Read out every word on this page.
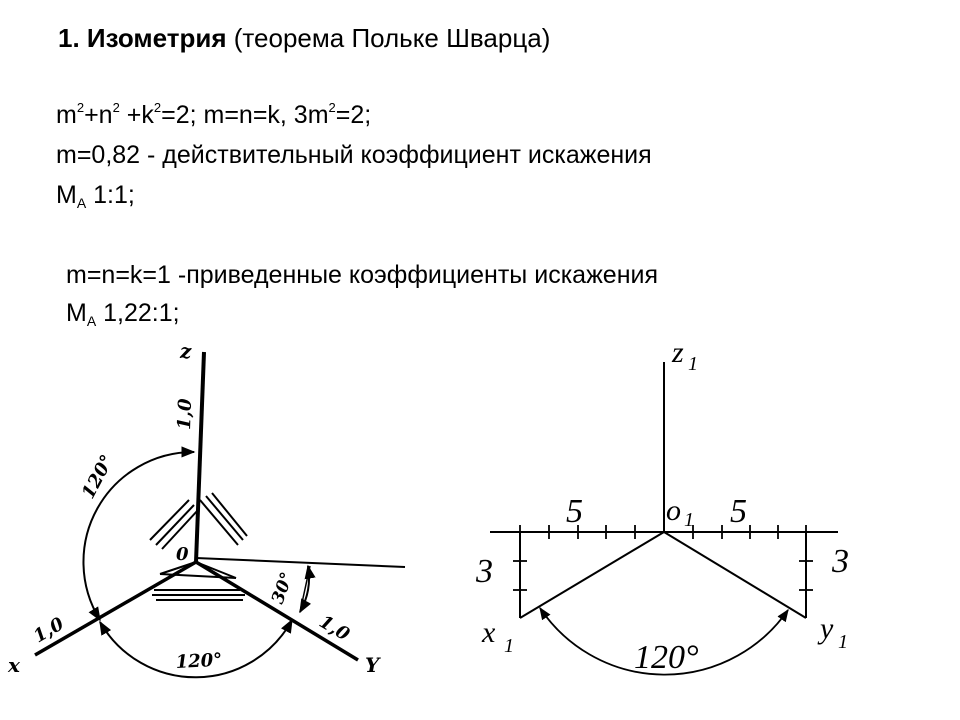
1. Изометрия (теорема Польке Шварца)
$m^2+n^2 +k^2=2$; m=n=k, $3m^2=2$;
m=0,82 - действительный коэффициент искажения
$M_A$ 1:1;
m=n=k=1 -приведенные коэффициенты искажения
$M_A$ 1,22:1;
z
x	Y
0
1,0
1,0	1,0
120°
120°
30°
z 1
o 1
5	5
3	3
x 1
y 1
120°
